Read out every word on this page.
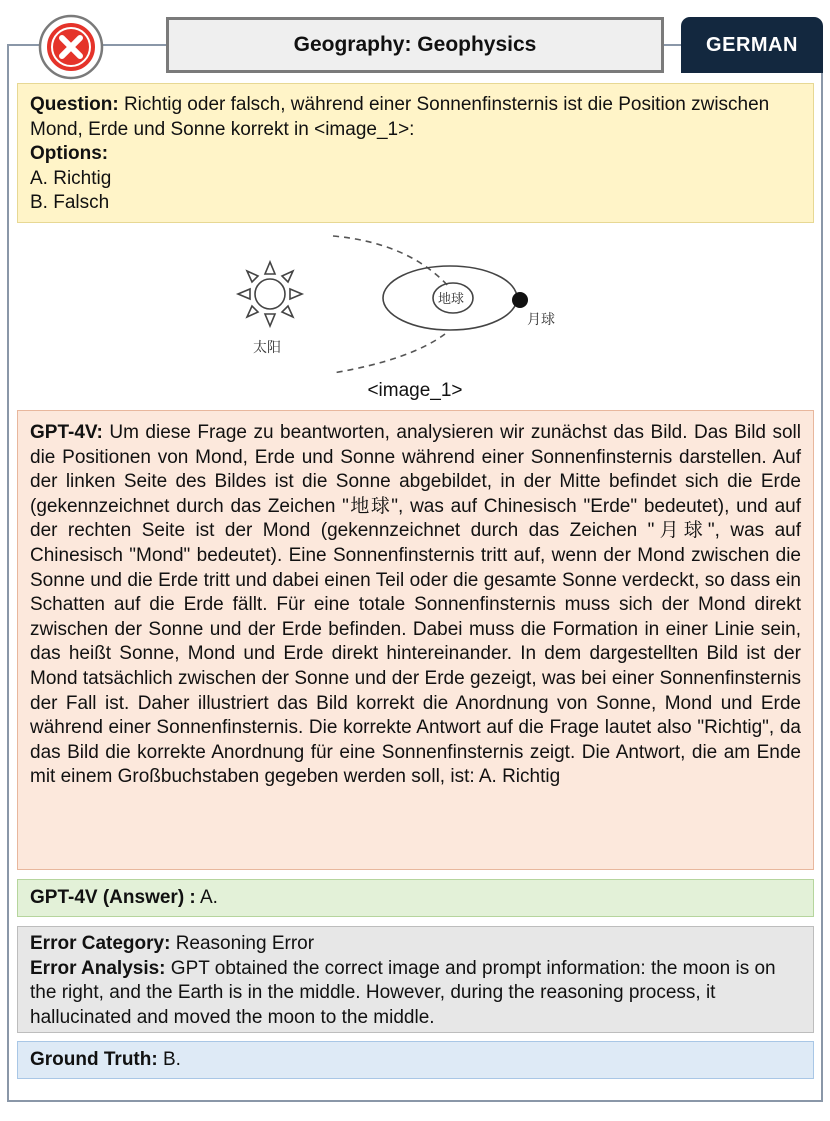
Geography: Geophysics	GERMAN
Question: Richtig oder falsch, während einer Sonnenfinsternis ist die Position zwischen Mond, Erde und Sonne korrekt in <image_1>:
Options:
A. Richtig
B. Falsch
太阳
地球
月球
<image_1>
GPT-4V: Um diese Frage zu beantworten, analysieren wir zunächst das Bild. Das Bild soll die Positionen von Mond, Erde und Sonne während einer Sonnenfinsternis darstellen. Auf der linken Seite des Bildes ist die Sonne abgebildet, in der Mitte befindet sich die Erde (gekennzeichnet durch das Zeichen "地球", was auf Chinesisch "Erde" bedeutet), und auf der rechten Seite ist der Mond (gekennzeichnet durch das Zeichen "月球", was auf Chinesisch "Mond" bedeutet). Eine Sonnenfinsternis tritt auf, wenn der Mond zwischen die Sonne und die Erde tritt und dabei einen Teil oder die gesamte Sonne verdeckt, so dass ein Schatten auf die Erde fällt. Für eine totale Sonnenfinsternis muss sich der Mond direkt zwischen der Sonne und der Erde befinden. Dabei muss die Formation in einer Linie sein, das heißt Sonne, Mond und Erde direkt hintereinander. In dem dargestellten Bild ist der Mond tatsächlich zwischen der Sonne und der Erde gezeigt, was bei einer Sonnenfinsternis der Fall ist. Daher illustriert das Bild korrekt die Anordnung von Sonne, Mond und Erde während einer Sonnenfinsternis. Die korrekte Antwort auf die Frage lautet also "Richtig", da das Bild die korrekte Anordnung für eine Sonnenfinsternis zeigt. Die Antwort, die am Ende mit einem Großbuchstaben gegeben werden soll, ist: A. Richtig
GPT-4V (Answer) : A.
Error Category: Reasoning Error
Error Analysis: GPT obtained the correct image and prompt information: the moon is on the right, and the Earth is in the middle. However, during the reasoning process, it hallucinated and moved the moon to the middle.
Ground Truth: B.
